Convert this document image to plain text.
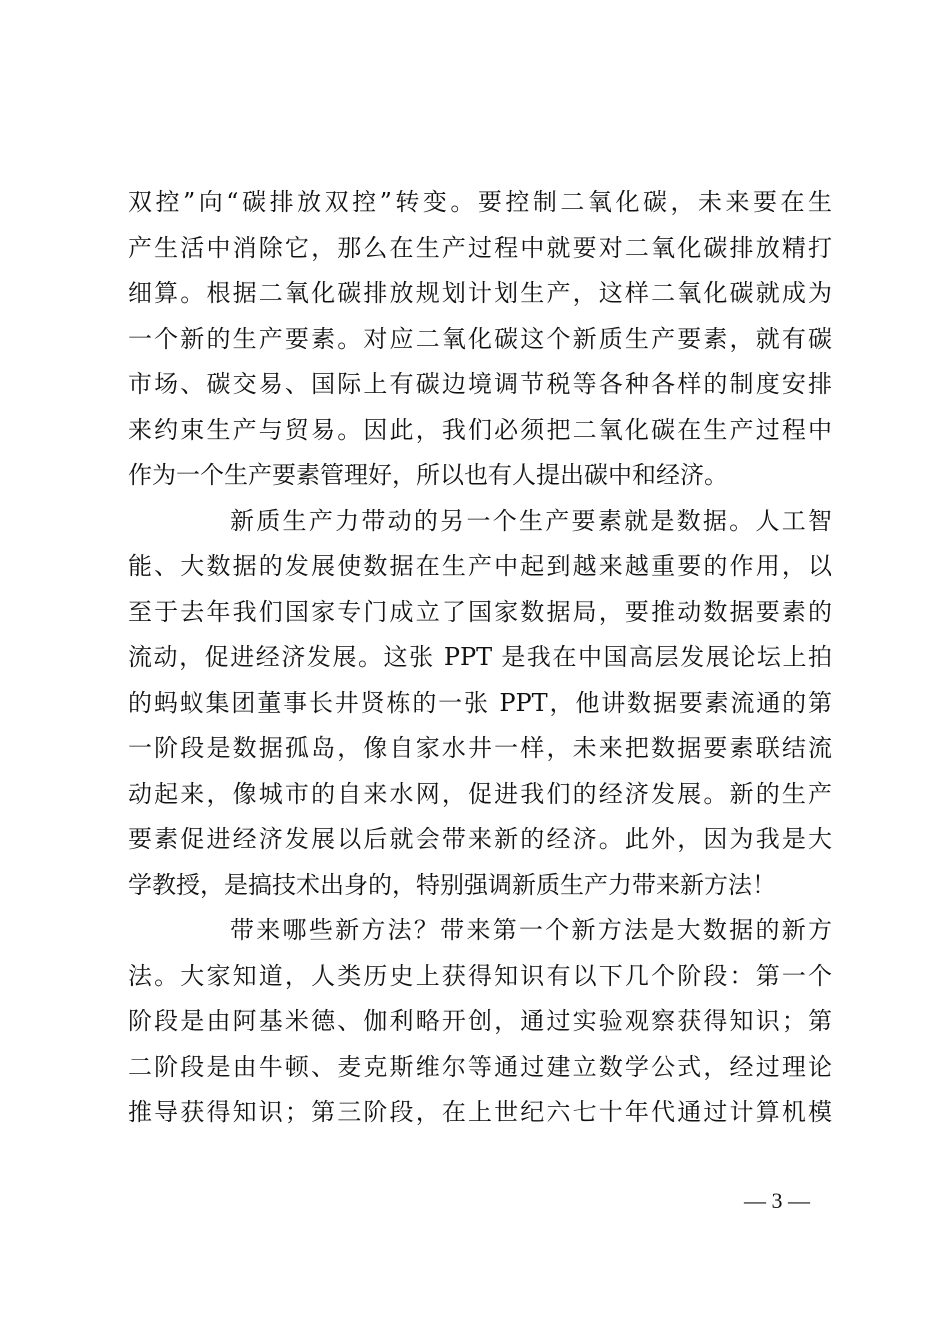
双控”向“碳排放双控”转变。要控制二氧化碳，未来要在生
产生活中消除它，那么在生产过程中就要对二氧化碳排放精打
细算。根据二氧化碳排放规划计划生产，这样二氧化碳就成为
一个新的生产要素。对应二氧化碳这个新质生产要素，就有碳
市场、碳交易、国际上有碳边境调节税等各种各样的制度安排
来约束生产与贸易。因此，我们必须把二氧化碳在生产过程中
作为一个生产要素管理好，所以也有人提出碳中和经济。
新质生产力带动的另一个生产要素就是数据。人工智
能、大数据的发展使数据在生产中起到越来越重要的作用，以
至于去年我们国家专门成立了国家数据局，要推动数据要素的
流动，促进经济发展。这张 PPT 是我在中国高层发展论坛上拍
的蚂蚁集团董事长井贤栋的一张 PPT，他讲数据要素流通的第
一阶段是数据孤岛，像自家水井一样，未来把数据要素联结流
动起来，像城市的自来水网，促进我们的经济发展。新的生产
要素促进经济发展以后就会带来新的经济。此外，因为我是大
学教授，是搞技术出身的，特别强调新质生产力带来新方法！
带来哪些新方法？带来第一个新方法是大数据的新方
法。大家知道，人类历史上获得知识有以下几个阶段：第一个
阶段是由阿基米德、伽利略开创，通过实验观察获得知识；第
二阶段是由牛顿、麦克斯维尔等通过建立数学公式，经过理论
推导获得知识；第三阶段，在上世纪六七十年代通过计算机模
— 3 —
